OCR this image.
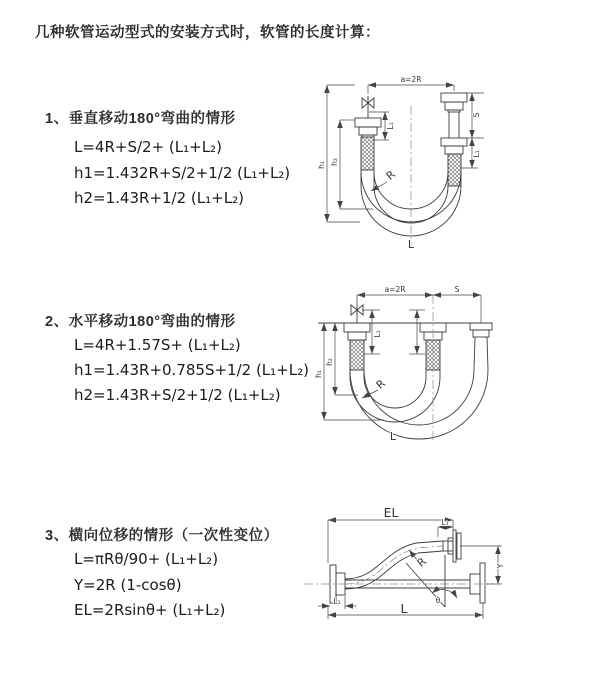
几种软管运动型式的安装方式时，软管的长度计算：
1、垂直移动180°弯曲的情形
L=4R+S/2+ (L₁+L₂)
h1=1.432R+S/2+1/2 (L₁+L₂)
h2=1.43R+1/2 (L₁+L₂)
2、水平移动180°弯曲的情形
L=4R+1.57S+ (L₁+L₂)
h1=1.43R+0.785S+1/2 (L₁+L₂)
h2=1.43R+S/2+1/2 (L₁+L₂)
3、横向位移的情形（一次性变位）
L=πRθ/90+ (L₁+L₂)
Y=2R (1-cosθ)
EL=2Rsinθ+ (L₁+L₂)
a=2R
h₁ h₂
L₁
S
L₁
R
L
a=2R	S
h₁
h₂
L₁
R
L
EL
L₁
Y
R
θ
L
L₁
